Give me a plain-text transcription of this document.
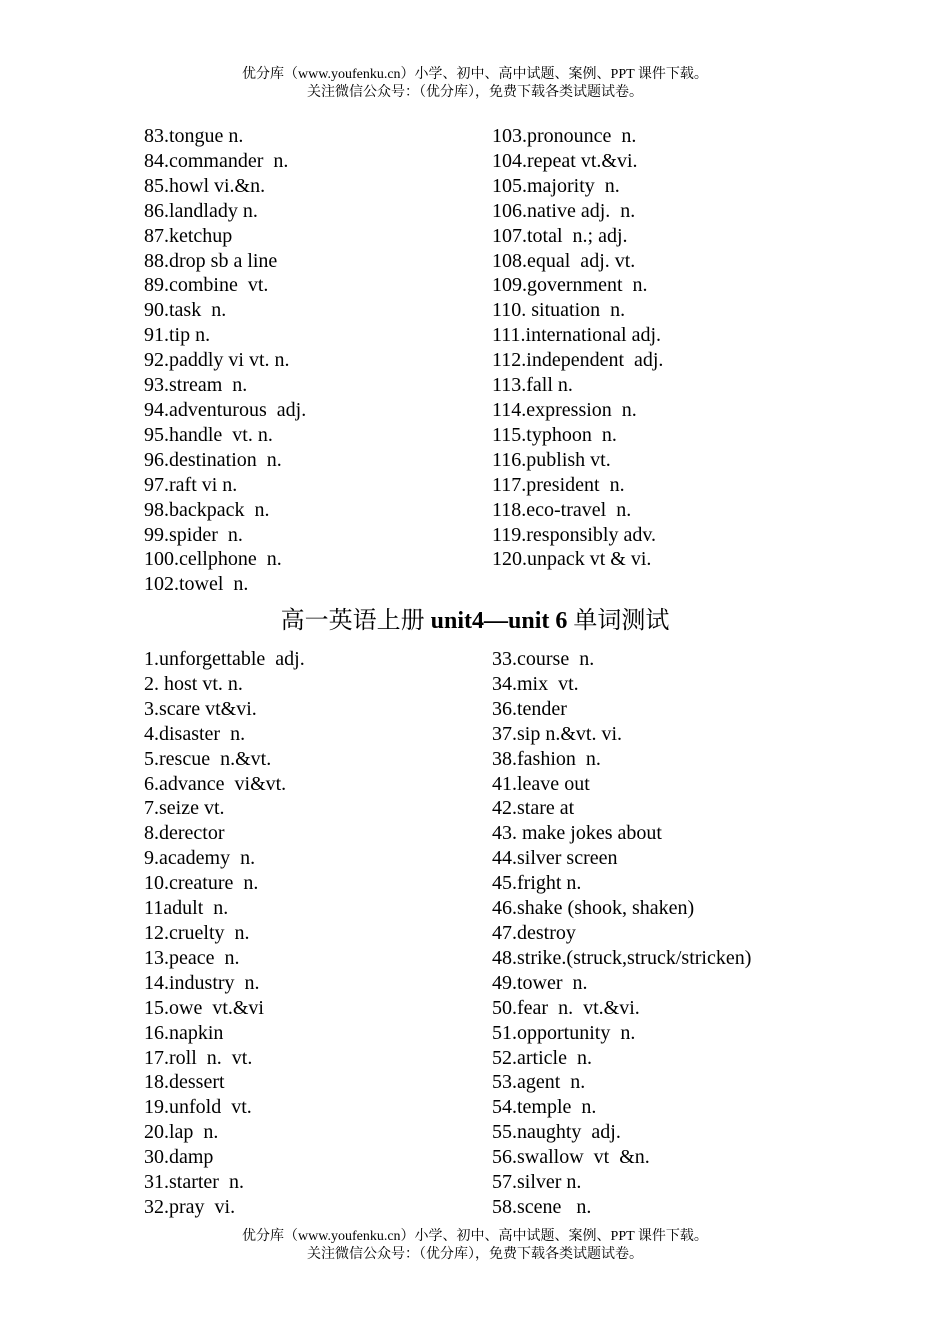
优分库（www.youfenku.cn）小学、初中、高中试题、案例、PPT 课件下载。
关注微信公众号：（优分库），免费下载各类试题试卷。
83.tongue n.
84.commander  n.
85.howl vi.&n.
86.landlady n.
87.ketchup
88.drop sb a line
89.combine  vt.
90.task  n.
91.tip n.
92.paddly vi vt. n.
93.stream  n.
94.adventurous  adj.
95.handle  vt. n.
96.destination  n.
97.raft vi n.
98.backpack  n.
99.spider  n.
100.cellphone  n.
102.towel  n.
103.pronounce  n.
104.repeat vt.&vi.
105.majority  n.
106.native adj.  n.
107.total  n.; adj.
108.equal  adj. vt.
109.government  n.
110. situation  n.
111.international adj.
112.independent  adj.
113.fall n.
114.expression  n.
115.typhoon  n.
116.publish vt.
117.president  n.
118.eco-travel  n.
119.responsibly adv.
120.unpack vt & vi.
高一英语上册 unit4—unit 6 单词测试
1.unforgettable  adj.
2. host vt. n.
3.scare vt&vi.
4.disaster  n.
5.rescue  n.&vt.
6.advance  vi&vt.
7.seize vt.
8.derector
9.academy  n.
10.creature  n.
11adult  n.
12.cruelty  n.
13.peace  n.
14.industry  n.
15.owe  vt.&vi
16.napkin
17.roll  n.  vt.
18.dessert
19.unfold  vt.
20.lap  n.
30.damp
31.starter  n.
32.pray  vi.
33.course  n.
34.mix  vt.
36.tender
37.sip n.&vt. vi.
38.fashion  n.
41.leave out
42.stare at
43. make jokes about
44.silver screen
45.fright n.
46.shake (shook, shaken)
47.destroy
48.strike.(struck,struck/stricken)
49.tower  n.
50.fear  n.  vt.&vi.
51.opportunity  n.
52.article  n.
53.agent  n.
54.temple  n.
55.naughty  adj.
56.swallow  vt  &n.
57.silver n.
58.scene   n.
优分库（www.youfenku.cn）小学、初中、高中试题、案例、PPT 课件下载。
关注微信公众号：（优分库），免费下载各类试题试卷。
